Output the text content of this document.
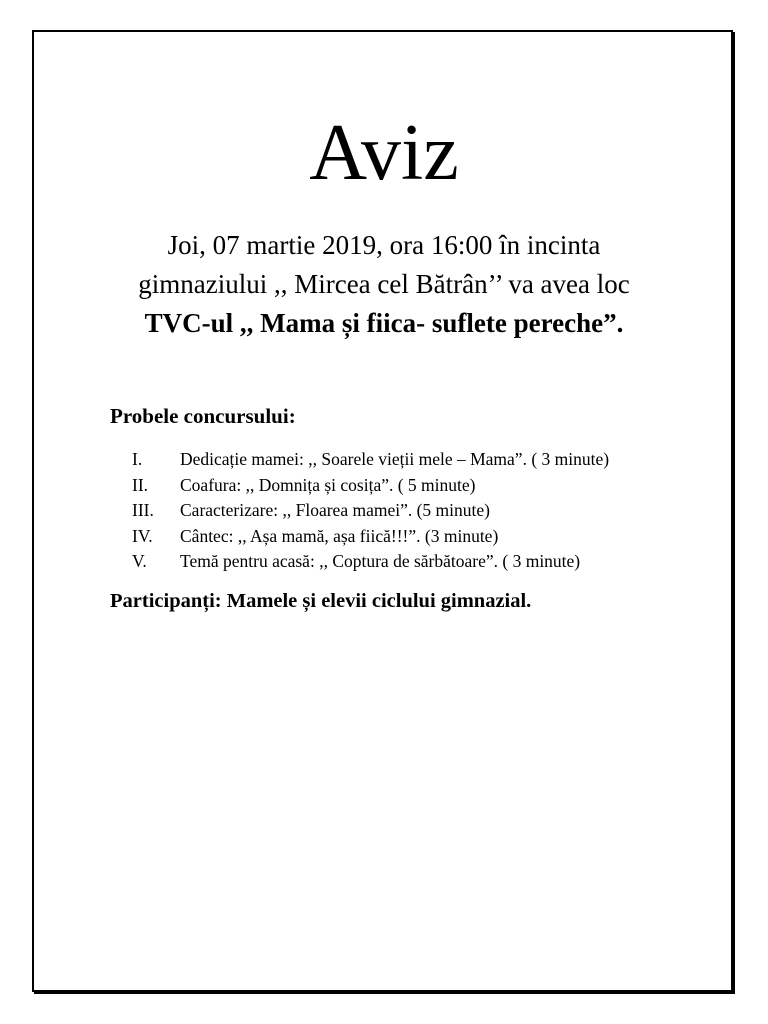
Aviz

Joi, 07 martie 2019, ora 16:00 în incinta
gimnaziului ,, Mircea cel Bătrân’’ va avea loc
TVC-ul ,, Mama și fiica- suflete pereche”.

Probele concursului:

I.	Dedicație mamei: ,, Soarele vieții mele – Mama”. ( 3 minute)
II.	Coafura: ,, Domnița și cosița”. ( 5 minute)
III.	Caracterizare: ,, Floarea mamei”. (5 minute)
IV.	Cântec: ,, Așa mamă, așa fiică!!!”. (3 minute)
V.	Temă pentru acasă: ,, Coptura de sărbătoare”. ( 3 minute)

Participanți: Mamele și elevii ciclului gimnazial.
